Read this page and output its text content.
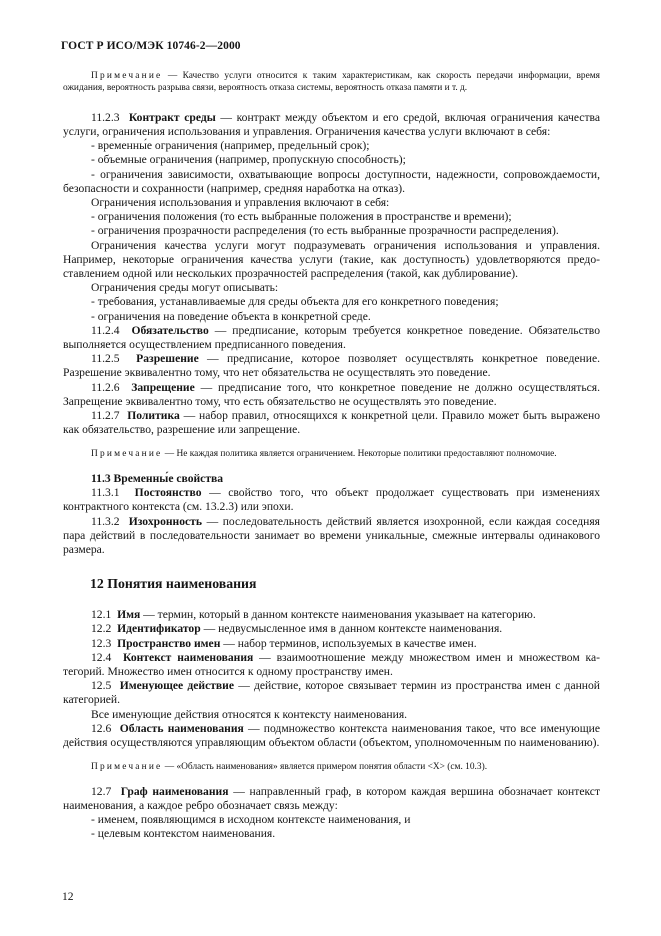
ГОСТ Р ИСО/МЭК 10746-2—2000

Примечание — Качество услуги относится к таким характеристикам, как скорость передачи информации, время ожидания, вероятность разрыва связи, вероятность отказа системы, вероятность отказа памяти и т. д.

11.2.3 Контракт среды — контракт между объектом и его средой, включая ограничения качества услуги, ограничения использования и управления. Ограничения качества услуги включают в себя:

- временны́е ограничения (например, предельный срок);

- объемные ограничения (например, пропускную способность);

- ограничения зависимости, охватывающие вопросы доступности, надежности, сопровождаемости, безопасности и сохранности (например, средняя наработка на отказ).

Ограничения использования и управления включают в себя:

- ограничения положения (то есть выбранные положения в пространстве и времени);

- ограничения прозрачности распределения (то есть выбранные прозрачности распределения).

Ограничения качества услуги могут подразумевать ограничения использования и управления. Например, некоторые ограничения качества услуги (такие, как доступность) удовлетворяются предоставлением одной или нескольких прозрачностей распределения (такой, как дублирование).

Ограничения среды могут описывать:

- требования, устанавливаемые для среды объекта для его конкретного поведения;

- ограничения на поведение объекта в конкретной среде.

11.2.4 Обязательство — предписание, которым требуется конкретное поведение. Обязательство выполняется осуществлением предписанного поведения.

11.2.5 Разрешение — предписание, которое позволяет осуществлять конкретное поведение. Разрешение эквивалентно тому, что нет обязательства не осуществлять это поведение.

11.2.6 Запрещение — предписание того, что конкретное поведение не должно осуществляться. Запрещение эквивалентно тому, что есть обязательство не осуществлять это поведение.

11.2.7 Политика — набор правил, относящихся к конкретной цели. Правило может быть выражено как обязательство, разрешение или запрещение.

Примечание — Не каждая политика является ограничением. Некоторые политики предоставляют полномочие.

11.3 Временны́е свойства

11.3.1 Постоянство — свойство того, что объект продолжает существовать при изменениях контрактного контекста (см. 13.2.3) или эпохи.

11.3.2 Изохронность — последовательность действий является изохронной, если каждая соседняя пара действий в последовательности занимает во времени уникальные, смежные интервалы одинакового размера.

12 Понятия наименования

12.1 Имя — термин, который в данном контексте наименования указывает на категорию.

12.2 Идентификатор — недвусмысленное имя в данном контексте наименования.

12.3 Пространство имен — набор терминов, используемых в качестве имен.

12.4 Контекст наименования — взаимоотношение между множеством имен и множеством категорий. Множество имен относится к одному пространству имен.

12.5 Именующее действие — действие, которое связывает термин из пространства имен с данной категорией.

Все именующие действия относятся к контексту наименования.

12.6 Область наименования — подмножество контекста наименования такое, что все именующие действия осуществляются управляющим объектом области (объектом, уполномоченным по наименованию).

Примечание — «Область наименования» является примером понятия области <X> (см. 10.3).

12.7 Граф наименования — направленный граф, в котором каждая вершина обозначает контекст наименования, а каждое ребро обозначает связь между:

- именем, появляющимся в исходном контексте наименования, и

- целевым контекстом наименования.

12
